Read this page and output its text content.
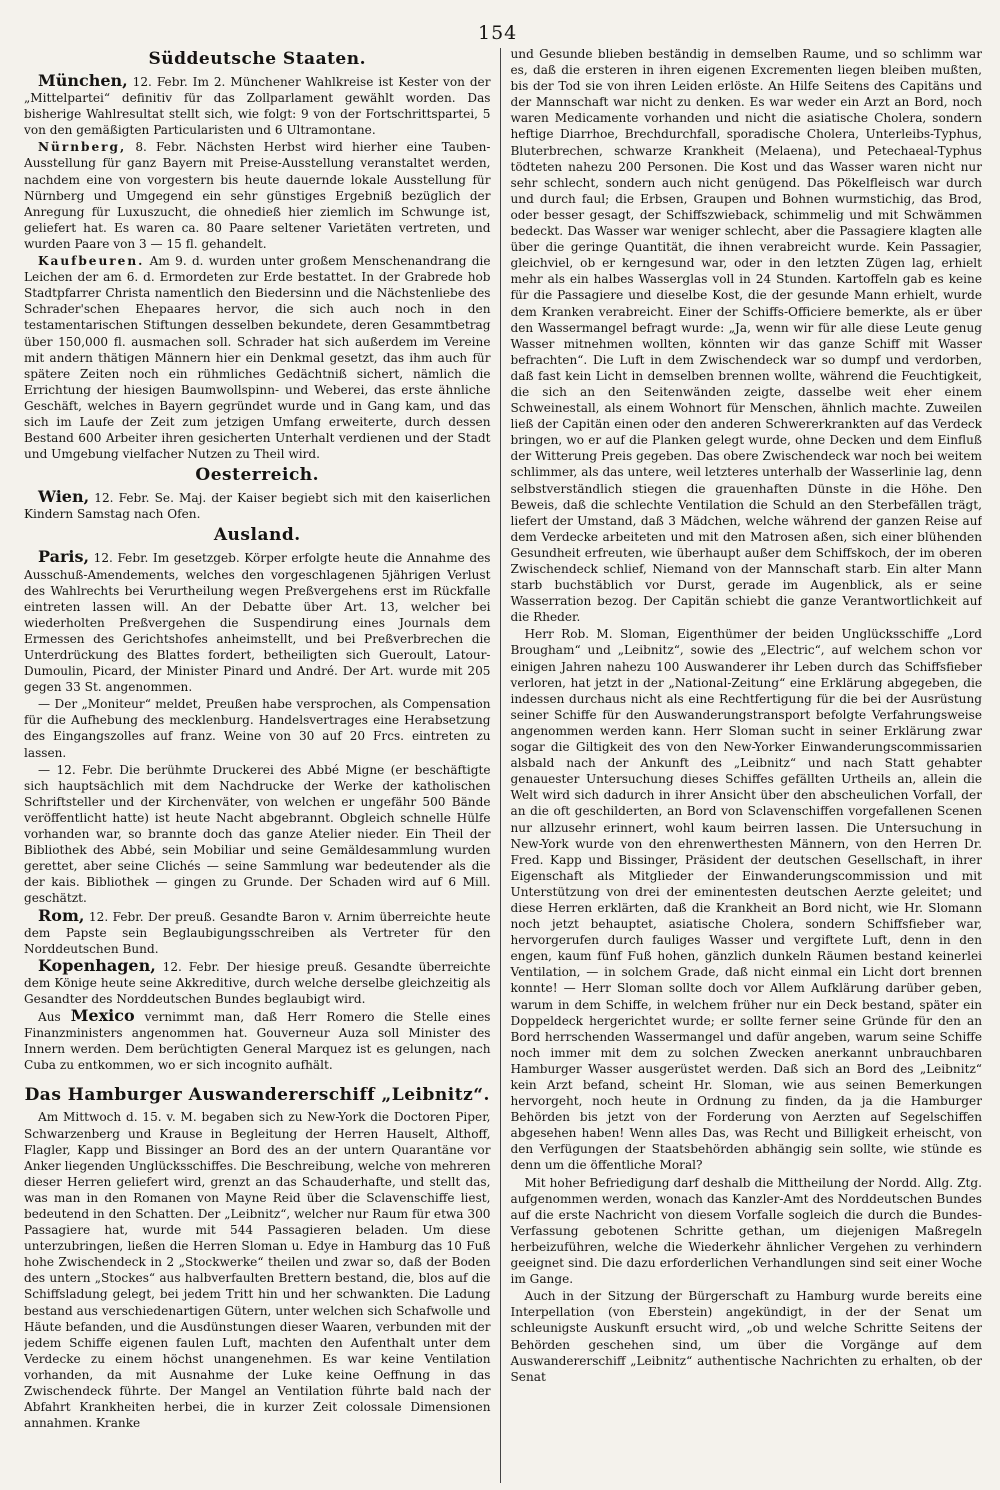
154
Süddeutsche Staaten.

München, 12. Febr. Im 2. Münchener Wahlkreise ist Kester von der „Mittelpartei“ definitiv für das Zollparlament gewählt worden. Das bisherige Wahlresultat stellt sich, wie folgt: 9 von der Fortschrittspartei, 5 von den gemäßigten Particularisten und 6 Ultramontane.

Nürnberg, 8. Febr. Nächsten Herbst wird hierher eine Tauben-Ausstellung für ganz Bayern mit Preise-Ausstellung veranstaltet werden, nachdem eine von vorgestern bis heute dauernde lokale Ausstellung für Nürnberg und Umgegend ein sehr günstiges Ergebniß bezüglich der Anregung für Luxuszucht, die ohnedieß hier ziemlich im Schwunge ist, geliefert hat. Es waren ca. 80 Paare seltener Varietäten vertreten, und wurden Paare von 3 — 15 fl. gehandelt.

Kaufbeuren. Am 9. d. wurden unter großem Menschenandrang die Leichen der am 6. d. Ermordeten zur Erde bestattet. In der Grabrede hob Stadtpfarrer Christa namentlich den Biedersinn und die Nächstenliebe des Schrader'schen Ehepaares hervor, die sich auch noch in den testamentarischen Stiftungen desselben bekundete, deren Gesammtbetrag über 150,000 fl. ausmachen soll. Schrader hat sich außerdem im Vereine mit andern thätigen Männern hier ein Denkmal gesetzt, das ihm auch für spätere Zeiten noch ein rühmliches Gedächtniß sichert, nämlich die Errichtung der hiesigen Baumwollspinn- und Weberei, das erste ähnliche Geschäft, welches in Bayern gegründet wurde und in Gang kam, und das sich im Laufe der Zeit zum jetzigen Umfang erweiterte, durch dessen Bestand 600 Arbeiter ihren gesicherten Unterhalt verdienen und der Stadt und Umgebung vielfacher Nutzen zu Theil wird.

Oesterreich.

Wien, 12. Febr. Se. Maj. der Kaiser begiebt sich mit den kaiserlichen Kindern Samstag nach Ofen.

Ausland.

Paris, 12. Febr. Im gesetzgeb. Körper erfolgte heute die Annahme des Ausschuß-Amendements, welches den vorgeschlagenen 5jährigen Verlust des Wahlrechts bei Verurtheilung wegen Preßvergehens erst im Rückfalle eintreten lassen will. An der Debatte über Art. 13, welcher bei wiederholten Preßvergehen die Suspendirung eines Journals dem Ermessen des Gerichtshofes anheimstellt, und bei Preßverbrechen die Unterdrückung des Blattes fordert, betheiligten sich Gueroult, Latour-Dumoulin, Picard, der Minister Pinard und André. Der Art. wurde mit 205 gegen 33 St. angenommen.

— Der „Moniteur“ meldet, Preußen habe versprochen, als Compensation für die Aufhebung des mecklenburg. Handelsvertrages eine Herabsetzung des Eingangszolles auf franz. Weine von 30 auf 20 Frcs. eintreten zu lassen.

— 12. Febr. Die berühmte Druckerei des Abbé Migne (er beschäftigte sich hauptsächlich mit dem Nachdrucke der Werke der katholischen Schriftsteller und der Kirchenväter, von welchen er ungefähr 500 Bände veröffentlicht hatte) ist heute Nacht abgebrannt. Obgleich schnelle Hülfe vorhanden war, so brannte doch das ganze Atelier nieder. Ein Theil der Bibliothek des Abbé, sein Mobiliar und seine Gemäldesammlung wurden gerettet, aber seine Clichés — seine Sammlung war bedeutender als die der kais. Bibliothek — gingen zu Grunde. Der Schaden wird auf 6 Mill. geschätzt.

Rom, 12. Febr. Der preuß. Gesandte Baron v. Arnim überreichte heute dem Papste sein Beglaubigungsschreiben als Vertreter für den Norddeutschen Bund.

Kopenhagen, 12. Febr. Der hiesige preuß. Gesandte überreichte dem Könige heute seine Akkreditive, durch welche derselbe gleichzeitig als Gesandter des Norddeutschen Bundes beglaubigt wird.

Aus Mexico vernimmt man, daß Herr Romero die Stelle eines Finanzministers angenommen hat. Gouverneur Auza soll Minister des Innern werden. Dem berüchtigten General Marquez ist es gelungen, nach Cuba zu entkommen, wo er sich incognito aufhält.

Das Hamburger Auswandererschiff „Leibnitz“.

Am Mittwoch d. 15. v. M. begaben sich zu New-York die Doctoren Piper, Schwarzenberg und Krause in Begleitung der Herren Hauselt, Althoff, Flagler, Kapp und Bissinger an Bord des an der untern Quarantäne vor Anker liegenden Unglücksschiffes. Die Beschreibung, welche von mehreren dieser Herren geliefert wird, grenzt an das Schauderhafte, und stellt das, was man in den Romanen von Mayne Reid über die Sclavenschiffe liest, bedeutend in den Schatten. Der „Leibnitz“, welcher nur Raum für etwa 300 Passagiere hat, wurde mit 544 Passagieren beladen. Um diese unterzubringen, ließen die Herren Sloman u. Edye in Hamburg das 10 Fuß hohe Zwischendeck in 2 „Stockwerke“ theilen und zwar so, daß der Boden des untern „Stockes“ aus halbverfaulten Brettern bestand, die, blos auf die Schiffsladung gelegt, bei jedem Tritt hin und her schwankten. Die Ladung bestand aus verschiedenartigen Gütern, unter welchen sich Schafwolle und Häute befanden, und die Ausdünstungen dieser Waaren, verbunden mit der jedem Schiffe eigenen faulen Luft, machten den Aufenthalt unter dem Verdecke zu einem höchst unangenehmen. Es war keine Ventilation vorhanden, da mit Ausnahme der Luke keine Oeffnung in das Zwischendeck führte. Der Mangel an Ventilation führte bald nach der Abfahrt Krankheiten herbei, die in kurzer Zeit colossale Dimensionen annahmen. Kranke

und Gesunde blieben beständig in demselben Raume, und so schlimm war es, daß die ersteren in ihren eigenen Excrementen liegen bleiben mußten, bis der Tod sie von ihren Leiden erlöste. An Hilfe Seitens des Capitäns und der Mannschaft war nicht zu denken. Es war weder ein Arzt an Bord, noch waren Medicamente vorhanden und nicht die asiatische Cholera, sondern heftige Diarrhoe, Brechdurchfall, sporadische Cholera, Unterleibs-Typhus, Bluterbrechen, schwarze Krankheit (Melaena), und Petechaeal-Typhus tödteten nahezu 200 Personen. Die Kost und das Wasser waren nicht nur sehr schlecht, sondern auch nicht genügend. Das Pökelfleisch war durch und durch faul; die Erbsen, Graupen und Bohnen wurmstichig, das Brod, oder besser gesagt, der Schiffszwieback, schimmelig und mit Schwämmen bedeckt. Das Wasser war weniger schlecht, aber die Passagiere klagten alle über die geringe Quantität, die ihnen verabreicht wurde. Kein Passagier, gleichviel, ob er kerngesund war, oder in den letzten Zügen lag, erhielt mehr als ein halbes Wasserglas voll in 24 Stunden. Kartoffeln gab es keine für die Passagiere und dieselbe Kost, die der gesunde Mann erhielt, wurde dem Kranken verabreicht. Einer der Schiffs-Officiere bemerkte, als er über den Wassermangel befragt wurde: „Ja, wenn wir für alle diese Leute genug Wasser mitnehmen wollten, könnten wir das ganze Schiff mit Wasser befrachten“. Die Luft in dem Zwischendeck war so dumpf und verdorben, daß fast kein Licht in demselben brennen wollte, während die Feuchtigkeit, die sich an den Seitenwänden zeigte, dasselbe weit eher einem Schweinestall, als einem Wohnort für Menschen, ähnlich machte. Zuweilen ließ der Capitän einen oder den anderen Schwererkrankten auf das Verdeck bringen, wo er auf die Planken gelegt wurde, ohne Decken und dem Einfluß der Witterung Preis gegeben. Das obere Zwischendeck war noch bei weitem schlimmer, als das untere, weil letzteres unterhalb der Wasserlinie lag, denn selbstverständlich stiegen die grauenhaften Dünste in die Höhe. Den Beweis, daß die schlechte Ventilation die Schuld an den Sterbefällen trägt, liefert der Umstand, daß 3 Mädchen, welche während der ganzen Reise auf dem Verdecke arbeiteten und mit den Matrosen aßen, sich einer blühenden Gesundheit erfreuten, wie überhaupt außer dem Schiffskoch, der im oberen Zwischendeck schlief, Niemand von der Mannschaft starb. Ein alter Mann starb buchstäblich vor Durst, gerade im Augenblick, als er seine Wasserration bezog. Der Capitän schiebt die ganze Verantwortlichkeit auf die Rheder.

Herr Rob. M. Sloman, Eigenthümer der beiden Unglücksschiffe „Lord Brougham“ und „Leibnitz“, sowie des „Electric“, auf welchem schon vor einigen Jahren nahezu 100 Auswanderer ihr Leben durch das Schiffsfieber verloren, hat jetzt in der „National-Zeitung“ eine Erklärung abgegeben, die indessen durchaus nicht als eine Rechtfertigung für die bei der Ausrüstung seiner Schiffe für den Auswanderungstransport befolgte Verfahrungsweise angenommen werden kann. Herr Sloman sucht in seiner Erklärung zwar sogar die Giltigkeit des von den New-Yorker Einwanderungscommissarien alsbald nach der Ankunft des „Leibnitz“ und nach Statt gehabter genauester Untersuchung dieses Schiffes gefällten Urtheils an, allein die Welt wird sich dadurch in ihrer Ansicht über den abscheulichen Vorfall, der an die oft geschilderten, an Bord von Sclavenschiffen vorgefallenen Scenen nur allzusehr erinnert, wohl kaum beirren lassen. Die Untersuchung in New-York wurde von den ehrenwerthesten Männern, von den Herren Dr. Fred. Kapp und Bissinger, Präsident der deutschen Gesellschaft, in ihrer Eigenschaft als Mitglieder der Einwanderungscommission und mit Unterstützung von drei der eminentesten deutschen Aerzte geleitet; und diese Herren erklärten, daß die Krankheit an Bord nicht, wie Hr. Slomann noch jetzt behauptet, asiatische Cholera, sondern Schiffsfieber war, hervorgerufen durch fauliges Wasser und vergiftete Luft, denn in den engen, kaum fünf Fuß hohen, gänzlich dunkeln Räumen bestand keinerlei Ventilation, — in solchem Grade, daß nicht einmal ein Licht dort brennen konnte! — Herr Sloman sollte doch vor Allem Aufklärung darüber geben, warum in dem Schiffe, in welchem früher nur ein Deck bestand, später ein Doppeldeck hergerichtet wurde; er sollte ferner seine Gründe für den an Bord herrschenden Wassermangel und dafür angeben, warum seine Schiffe noch immer mit dem zu solchen Zwecken anerkannt unbrauchbaren Hamburger Wasser ausgerüstet werden. Daß sich an Bord des „Leibnitz“ kein Arzt befand, scheint Hr. Sloman, wie aus seinen Bemerkungen hervorgeht, noch heute in Ordnung zu finden, da ja die Hamburger Behörden bis jetzt von der Forderung von Aerzten auf Segelschiffen abgesehen haben! Wenn alles Das, was Recht und Billigkeit erheischt, von den Verfügungen der Staatsbehörden abhängig sein sollte, wie stünde es denn um die öffentliche Moral?

Mit hoher Befriedigung darf deshalb die Mittheilung der Nordd. Allg. Ztg. aufgenommen werden, wonach das Kanzler-Amt des Norddeutschen Bundes auf die erste Nachricht von diesem Vorfalle sogleich die durch die Bundes-Verfassung gebotenen Schritte gethan, um diejenigen Maßregeln herbeizuführen, welche die Wiederkehr ähnlicher Vergehen zu verhindern geeignet sind. Die dazu erforderlichen Verhandlungen sind seit einer Woche im Gange.

Auch in der Sitzung der Bürgerschaft zu Hamburg wurde bereits eine Interpellation (von Eberstein) angekündigt, in der der Senat um schleunigste Auskunft ersucht wird, „ob und welche Schritte Seitens der Behörden geschehen sind, um über die Vorgänge auf dem Auswandererschiff „Leibnitz“ authentische Nachrichten zu erhalten, ob der Senat
